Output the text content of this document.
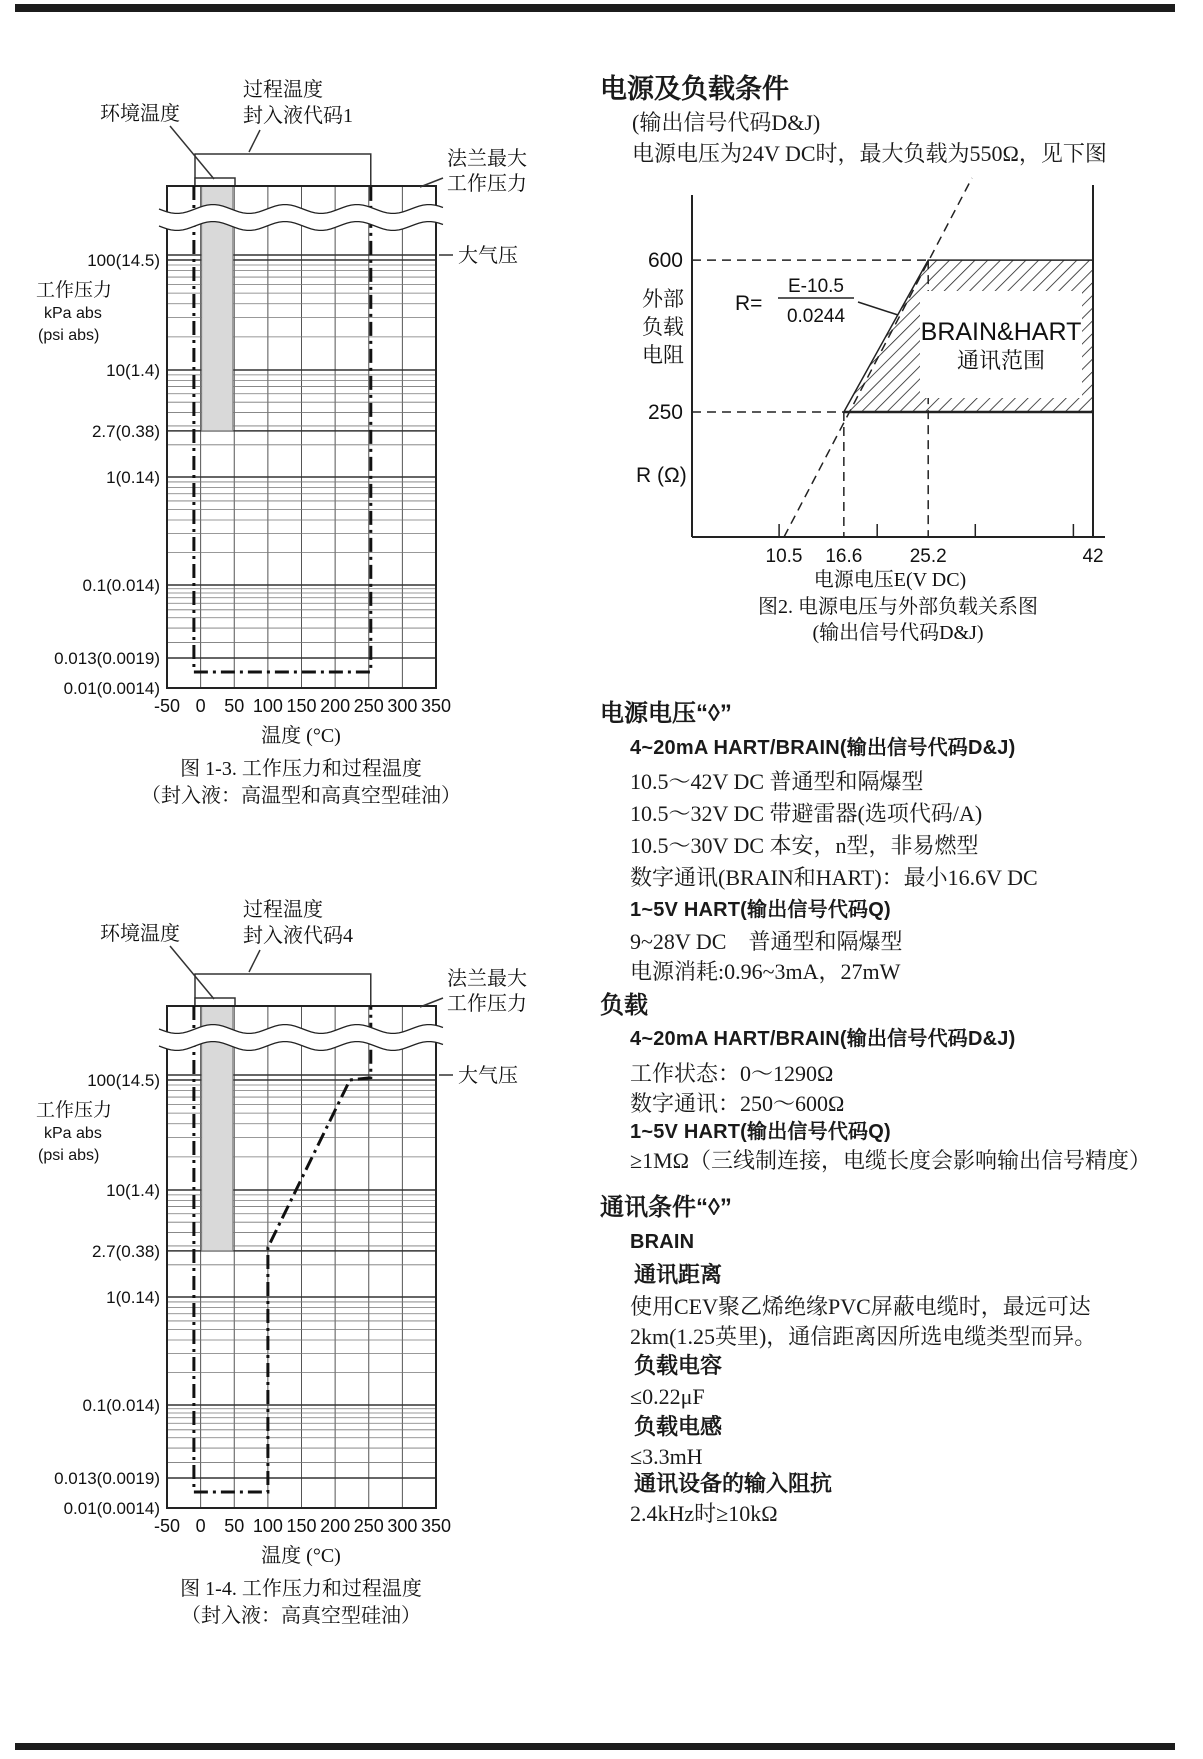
大气压
环境温度
过程温度
封入液代码1
法兰最大
工作压力
100(14.5)
10(1.4)
2.7(0.38)
1(0.14)
0.1(0.014)
0.013(0.0019)
0.01(0.0014)
工作压力
kPa abs
(psi abs)
-50 0 50 100 150 200 250 300 350
温度 (°C)
图 1-3. 工作压力和过程温度
（封入液：高温型和高真空型硅油）
大气压
环境温度
过程温度
封入液代码4
法兰最大
工作压力
100(14.5)
10(1.4)
2.7(0.38)
1(0.14)
0.1(0.014)
0.013(0.0019)
0.01(0.0014)
工作压力
kPa abs
(psi abs)
-50 0 50 100 150 200 250 300 350
温度 (°C)
图 1-4. 工作压力和过程温度
（封入液：高真空型硅油）
BRAIN&HART
通讯范围
R=
E-10.5
0.0244
600
250
外部
负载
电阻
R (Ω)
10.5 16.6 25.2	42
电源电压E(V DC)
图2. 电源电压与外部负载关系图
(输出信号代码D&J)
电源及负载条件
(输出信号代码D&J)
电源电压为24V DC时，最大负载为550Ω，见下图
电源电压“◊”
4~20mA HART/BRAIN(输出信号代码D&J)
10.5～42V DC 普通型和隔爆型
10.5～32V DC 带避雷器(选项代码/A)
10.5～30V DC 本安，n型，非易燃型
数字通讯(BRAIN和HART)：最小16.6V DC
1~5V HART(输出信号代码Q)
9~28V DC　普通型和隔爆型
电源消耗:0.96~3mA，27mW
负载
4~20mA HART/BRAIN(输出信号代码D&J)
工作状态：0～1290Ω
数字通讯：250～600Ω
1~5V HART(输出信号代码Q)
≥1MΩ（三线制连接，电缆长度会影响输出信号精度）
通讯条件“◊”
BRAIN
通讯距离
使用CEV聚乙烯绝缘PVC屏蔽电缆时，最远可达
2km(1.25英里)，通信距离因所选电缆类型而异。
负载电容
≤0.22μF
负载电感
≤3.3mH
通讯设备的输入阻抗
2.4kHz时≥10kΩ
